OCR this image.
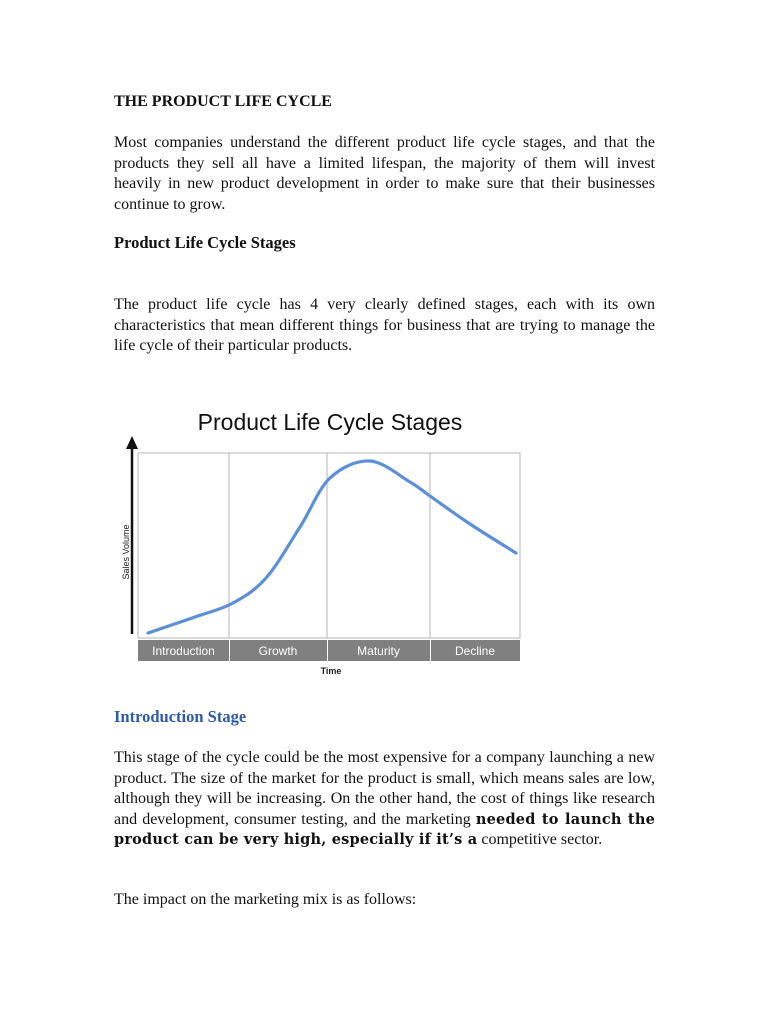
THE PRODUCT LIFE CYCLE

Most companies understand the different product life cycle stages, and that the products they sell all have a limited lifespan, the majority of them will invest heavily in new product development in order to make sure that their businesses continue to grow.

Product Life Cycle Stages

The product life cycle has 4 very clearly defined stages, each with its own characteristics that mean different things for business that are trying to manage the life cycle of their particular products.

Introduction Stage

This stage of the cycle could be the most expensive for a company launching a new product. The size of the market for the product is small, which means sales are low, although they will be increasing. On the other hand, the cost of things like research and development, consumer testing, and the marketing needed to launch the product can be very high, especially if it’s a competitive sector.

The impact on the marketing mix is as follows:

Product Life Cycle Stages
Introduction	Growth	Maturity	Decline
Sales Volume
Time
